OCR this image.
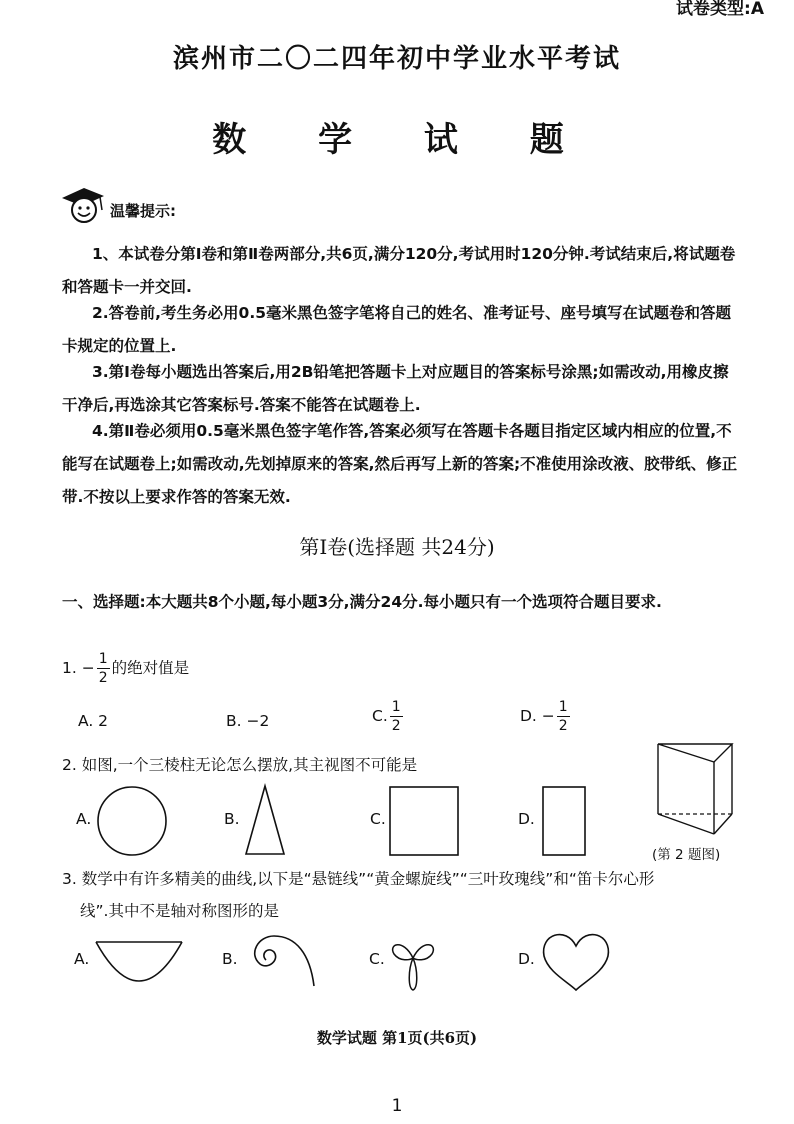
试卷类型:A
滨州市二〇二四年初中学业水平考试
数 学 试 题
温馨提示:
1、本试卷分第Ⅰ卷和第Ⅱ卷两部分,共6页,满分120分,考试用时120分钟.考试结束后,将试题卷和答题卡一并交回.
2.答卷前,考生务必用0.5毫米黑色签字笔将自己的姓名、准考证号、座号填写在试题卷和答题卡规定的位置上.
3.第Ⅰ卷每小题选出答案后,用2B铅笔把答题卡上对应题目的答案标号涂黑;如需改动,用橡皮擦干净后,再选涂其它答案标号.答案不能答在试题卷上.
4.第Ⅱ卷必须用0.5毫米黑色签字笔作答,答案必须写在答题卡各题目指定区域内相应的位置,不能写在试题卷上;如需改动,先划掉原来的答案,然后再写上新的答案;不准使用涂改液、胶带纸、修正带.不按以上要求作答的答案无效.
第Ⅰ卷(选择题 共24分)
一、选择题:本大题共8个小题,每小题3分,满分24分.每小题只有一个选项符合题目要求.
1. − $\frac{1}{2}$ 的绝对值是
A. 2	B. −2	C. $\frac{1}{2}$	D. − $\frac{1}{2}$
2. 如图,一个三棱柱无论怎么摆放,其主视图不可能是
A.	B.	C.	D.
(第 2 题图)
3. 数学中有许多精美的曲线,以下是“悬链线”“黄金螺旋线”“三叶玫瑰线”和“笛卡尔心形
线”.其中不是轴对称图形的是
A.	B.	C.	D.
数学试题 第1页(共6页)
1
